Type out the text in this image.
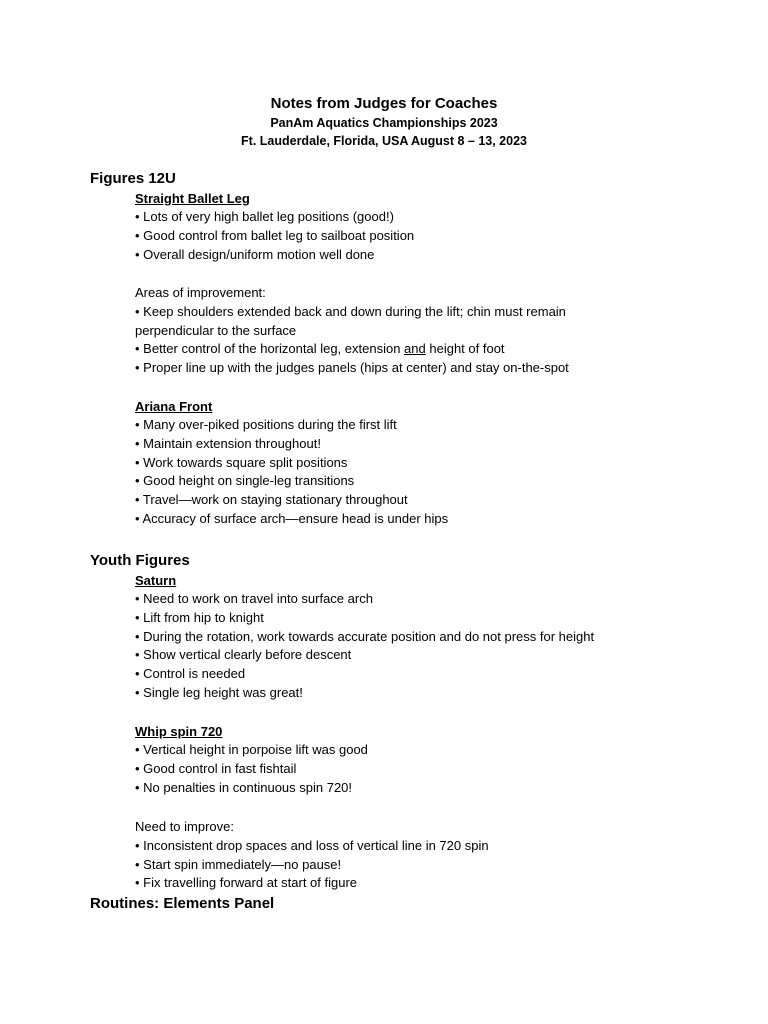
Notes from Judges for Coaches
PanAm Aquatics Championships 2023
Ft. Lauderdale, Florida, USA August 8 – 13, 2023
Figures 12U
Straight Ballet Leg
• Lots of very high ballet leg positions (good!)
• Good control from ballet leg to sailboat position
• Overall design/uniform motion well done
Areas of improvement:
• Keep shoulders extended back and down during the lift; chin must remain
perpendicular to the surface
• Better control of the horizontal leg, extension and height of foot
• Proper line up with the judges panels (hips at center) and stay on-the-spot
Ariana Front
• Many over-piked positions during the first lift
• Maintain extension throughout!
• Work towards square split positions
• Good height on single-leg transitions
• Travel—work on staying stationary throughout
• Accuracy of surface arch—ensure head is under hips
Youth Figures
Saturn
• Need to work on travel into surface arch
• Lift from hip to knight
• During the rotation, work towards accurate position and do not press for height
• Show vertical clearly before descent
• Control is needed
• Single leg height was great!
Whip spin 720
• Vertical height in porpoise lift was good
• Good control in fast fishtail
• No penalties in continuous spin 720!
Need to improve:
• Inconsistent drop spaces and loss of vertical line in 720 spin
• Start spin immediately—no pause!
• Fix travelling forward at start of figure
Routines: Elements Panel
